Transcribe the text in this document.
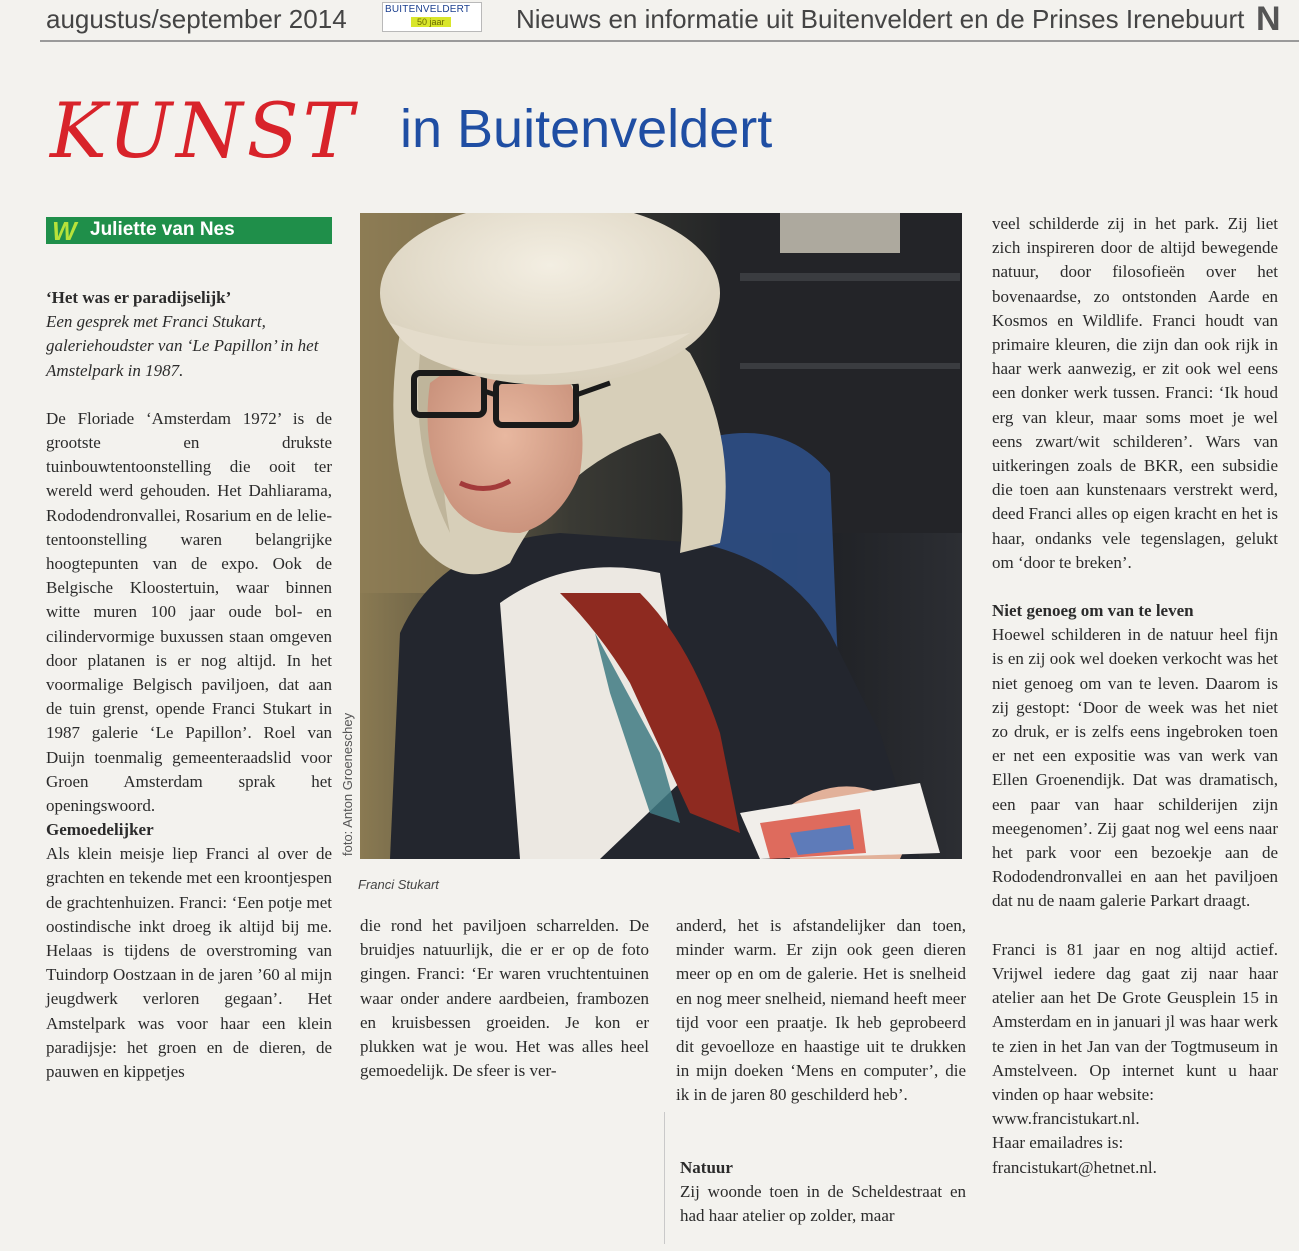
augustus/september 2014	BUITENVELDERT
50 jaar	Nieuws en informatie uit Buitenveldert en de Prinses Irenebuurt N
KUNST in Buitenveldert
W Juliette van Nes
‘Het was er paradijselijk’

Een gesprek met Franci Stukart, galeriehoudster van ‘Le Papillon’ in het Amstelpark in 1987.

De Floriade ‘Amsterdam 1972’ is de grootste en drukste tuinbouwtentoonstelling die ooit ter wereld werd gehouden. Het Dahliarama, Rododendronvallei, Rosarium en de lelie-tentoonstelling waren belangrijke hoogtepunten van de expo. Ook de Belgische Kloostertuin, waar binnen witte muren 100 jaar oude bol- en cilindervormige buxussen staan omgeven door platanen is er nog altijd. In het voormalige Belgisch paviljoen, dat aan de tuin grenst, opende Franci Stukart in 1987 galerie ‘Le Papillon’. Roel van Duijn toenmalig gemeenteraadslid voor Groen Amsterdam sprak het openingswoord.

Gemoedelijker

Als klein meisje liep Franci al over de grachten en tekende met een kroontjespen de grachtenhuizen. Franci: ‘Een potje met oostindische inkt droeg ik altijd bij me. Helaas is tijdens de overstroming van Tuindorp Oostzaan in de jaren ’60 al mijn jeugdwerk verloren gegaan’. Het Amstelpark was voor haar een klein paradijsje: het groen en de dieren, de pauwen en kippetjes

foto: Anton Groeneschey
Franci Stukart

die rond het paviljoen scharrelden. De bruidjes natuurlijk, die er er op de foto gingen. Franci: ‘Er waren vruchtentuinen waar onder andere aardbeien, frambozen en kruisbessen groeiden. Je kon er plukken wat je wou. Het was alles heel gemoedelijk. De sfeer is ver-

anderd, het is afstandelijker dan toen, minder warm. Er zijn ook geen dieren meer op en om de galerie. Het is snelheid en nog meer snelheid, niemand heeft meer tijd voor een praatje. Ik heb geprobeerd dit gevoelloze en haastige uit te drukken in mijn doeken ‘Mens en computer’, die ik in de jaren 80 geschilderd heb’.

Natuur

Zij woonde toen in de Scheldestraat en had haar atelier op zolder, maar

veel schilderde zij in het park. Zij liet zich inspireren door de altijd bewegende natuur, door filosofieën over het bovenaardse, zo ontstonden Aarde en Kosmos en Wildlife. Franci houdt van primaire kleuren, die zijn dan ook rijk in haar werk aanwezig, er zit ook wel eens een donker werk tussen. Franci: ‘Ik houd erg van kleur, maar soms moet je wel eens zwart/wit schilderen’. Wars van uitkeringen zoals de BKR, een subsidie die toen aan kunstenaars verstrekt werd, deed Franci alles op eigen kracht en het is haar, ondanks vele tegenslagen, gelukt om ‘door te breken’.

Niet genoeg om van te leven

Hoewel schilderen in de natuur heel fijn is en zij ook wel doeken verkocht was het niet genoeg om van te leven. Daarom is zij gestopt: ‘Door de week was het niet zo druk, er is zelfs eens ingebroken toen er net een expositie was van werk van Ellen Groenendijk. Dat was dramatisch, een paar van haar schilderijen zijn meegenomen’. Zij gaat nog wel eens naar het park voor een bezoekje aan de Rododendronvallei en aan het paviljoen dat nu de naam galerie Parkart draagt.

Franci is 81 jaar en nog altijd actief. Vrijwel iedere dag gaat zij naar haar atelier aan het De Grote Geusplein 15 in Amsterdam en in januari jl was haar werk te zien in het Jan van der Togtmuseum in Amstelveen. Op internet kunt u haar vinden op haar website:

www.francistukart.nl.

Haar emailadres is:

francistukart@hetnet.nl.
